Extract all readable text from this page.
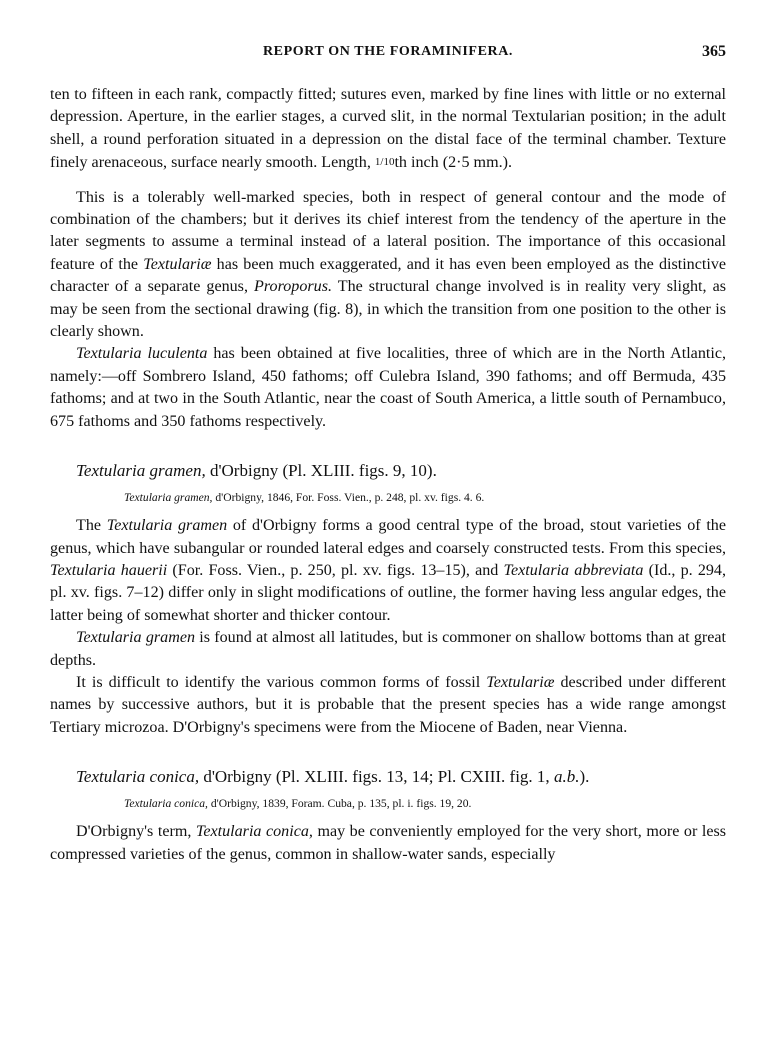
REPORT ON THE FORAMINIFERA.	365

ten to fifteen in each rank, compactly fitted; sutures even, marked by fine lines with little or no external depression. Aperture, in the earlier stages, a curved slit, in the normal Textularian position; in the adult shell, a round perforation situated in a depression on the distal face of the terminal chamber. Texture finely arenaceous, surface nearly smooth. Length, 1/10th inch (2·5 mm.).

This is a tolerably well-marked species, both in respect of general contour and the mode of combination of the chambers; but it derives its chief interest from the tendency of the aperture in the later segments to assume a terminal instead of a lateral position. The importance of this occasional feature of the Textulariæ has been much exaggerated, and it has even been employed as the distinctive character of a separate genus, Proroporus. The structural change involved is in reality very slight, as may be seen from the sectional drawing (fig. 8), in which the transition from one position to the other is clearly shown.

Textularia luculenta has been obtained at five localities, three of which are in the North Atlantic, namely:—off Sombrero Island, 450 fathoms; off Culebra Island, 390 fathoms; and off Bermuda, 435 fathoms; and at two in the South Atlantic, near the coast of South America, a little south of Pernambuco, 675 fathoms and 350 fathoms respectively.

Textularia gramen, d'Orbigny (Pl. XLIII. figs. 9, 10).
Textularia gramen, d'Orbigny, 1846, For. Foss. Vien., p. 248, pl. xv. figs. 4. 6.

The Textularia gramen of d'Orbigny forms a good central type of the broad, stout varieties of the genus, which have subangular or rounded lateral edges and coarsely constructed tests. From this species, Textularia hauerii (For. Foss. Vien., p. 250, pl. xv. figs. 13–15), and Textularia abbreviata (Id., p. 294, pl. xv. figs. 7–12) differ only in slight modifications of outline, the former having less angular edges, the latter being of somewhat shorter and thicker contour.

Textularia gramen is found at almost all latitudes, but is commoner on shallow bottoms than at great depths.

It is difficult to identify the various common forms of fossil Textulariæ described under different names by successive authors, but it is probable that the present species has a wide range amongst Tertiary microzoa. D'Orbigny's specimens were from the Miocene of Baden, near Vienna.

Textularia conica, d'Orbigny (Pl. XLIII. figs. 13, 14; Pl. CXIII. fig. 1, a.b.).
Textularia conica, d'Orbigny, 1839, Foram. Cuba, p. 135, pl. i. figs. 19, 20.

D'Orbigny's term, Textularia conica, may be conveniently employed for the very short, more or less compressed varieties of the genus, common in shallow-water sands, especially
